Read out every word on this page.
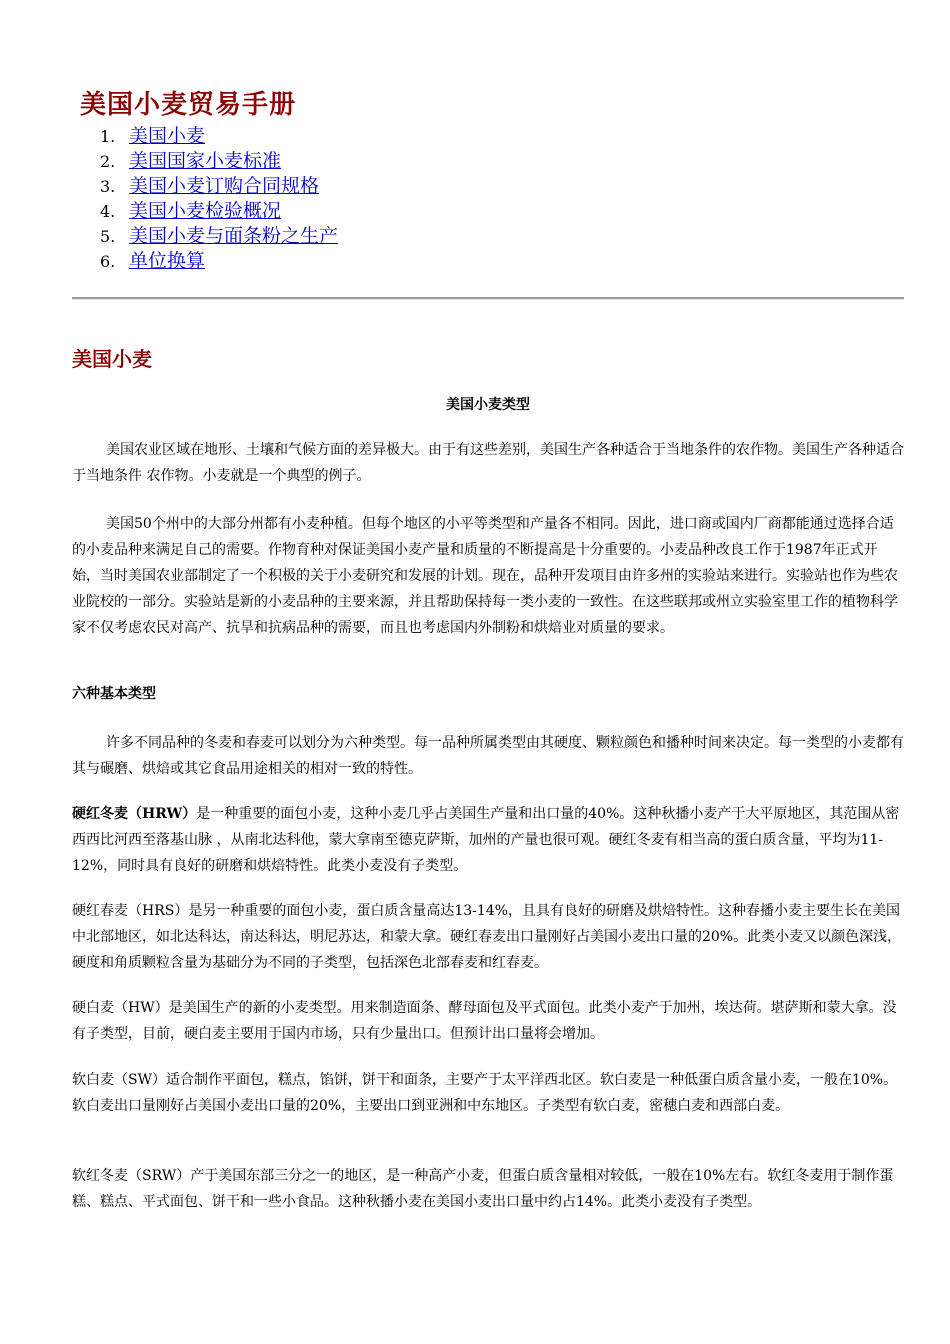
美国小麦贸易手册
1. 美国小麦
2. 美国国家小麦标准
3. 美国小麦订购合同规格
4. 美国小麦检验概况
5. 美国小麦与面条粉之生产
6. 单位换算
美国小麦

美国小麦类型

美国农业区域在地形、土壤和气候方面的差异极大。由于有这些差别，美国生产各种适合于当地条件的农作物。美国生产各种适合于当地条件 农作物。小麦就是一个典型的例子。

美国50个州中的大部分州都有小麦种植。但每个地区的小平等类型和产量各不相同。因此，进口商或国内厂商都能通过选择合适的小麦品种来满足自己的需要。作物育种对保证美国小麦产量和质量的不断提高是十分重要的。小麦品种改良工作于1987年正式开始，当时美国农业部制定了一个积极的关于小麦研究和发展的计划。现在，品种开发项目由许多州的实验站来进行。实验站也作为些农业院校的一部分。实验站是新的小麦品种的主要来源，并且帮助保持每一类小麦的一致性。在这些联邦或州立实验室里工作的植物科学家不仅考虑农民对高产、抗旱和抗病品种的需要，而且也考虑国内外制粉和烘焙业对质量的要求。

六种基本类型

许多不同品种的冬麦和春麦可以划分为六种类型。每一品种所属类型由其硬度、颗粒颜色和播种时间来决定。每一类型的小麦都有其与碾磨、烘焙或其它食品用途相关的相对一致的特性。

硬红冬麦（HRW）是一种重要的面包小麦，这种小麦几乎占美国生产量和出口量的40%。这种秋播小麦产于大平原地区，其范围从密西西比河西至落基山脉 ，从南北达科他，蒙大拿南至德克萨斯，加州的产量也很可观。硬红冬麦有相当高的蛋白质含量，平均为11-12%，同时具有良好的研磨和烘焙特性。此类小麦没有子类型。

硬红春麦（HRS）是另一种重要的面包小麦，蛋白质含量高达13-14%，且具有良好的研磨及烘焙特性。这种春播小麦主要生长在美国中北部地区，如北达科达，南达科达，明尼苏达，和蒙大拿。硬红春麦出口量刚好占美国小麦出口量的20%。此类小麦又以颜色深浅，硬度和角质颗粒含量为基础分为不同的子类型，包括深色北部春麦和红春麦。

硬白麦（HW）是美国生产的新的小麦类型。用来制造面条、酵母面包及平式面包。此类小麦产于加州，埃达荷。堪萨斯和蒙大拿。没有子类型，目前，硬白麦主要用于国内市场，只有少量出口。但预计出口量将会增加。

软白麦（SW）适合制作平面包，糕点，馅饼，饼干和面条，主要产于太平洋西北区。软白麦是一种低蛋白质含量小麦，一般在10%。软白麦出口量刚好占美国小麦出口量的20%，主要出口到亚洲和中东地区。子类型有软白麦，密穗白麦和西部白麦。

软红冬麦（SRW）产于美国东部三分之一的地区，是一种高产小麦，但蛋白质含量相对较低，一般在10%左右。软红冬麦用于制作蛋糕、糕点、平式面包、饼干和一些小食品。这种秋播小麦在美国小麦出口量中约占14%。此类小麦没有子类型。
